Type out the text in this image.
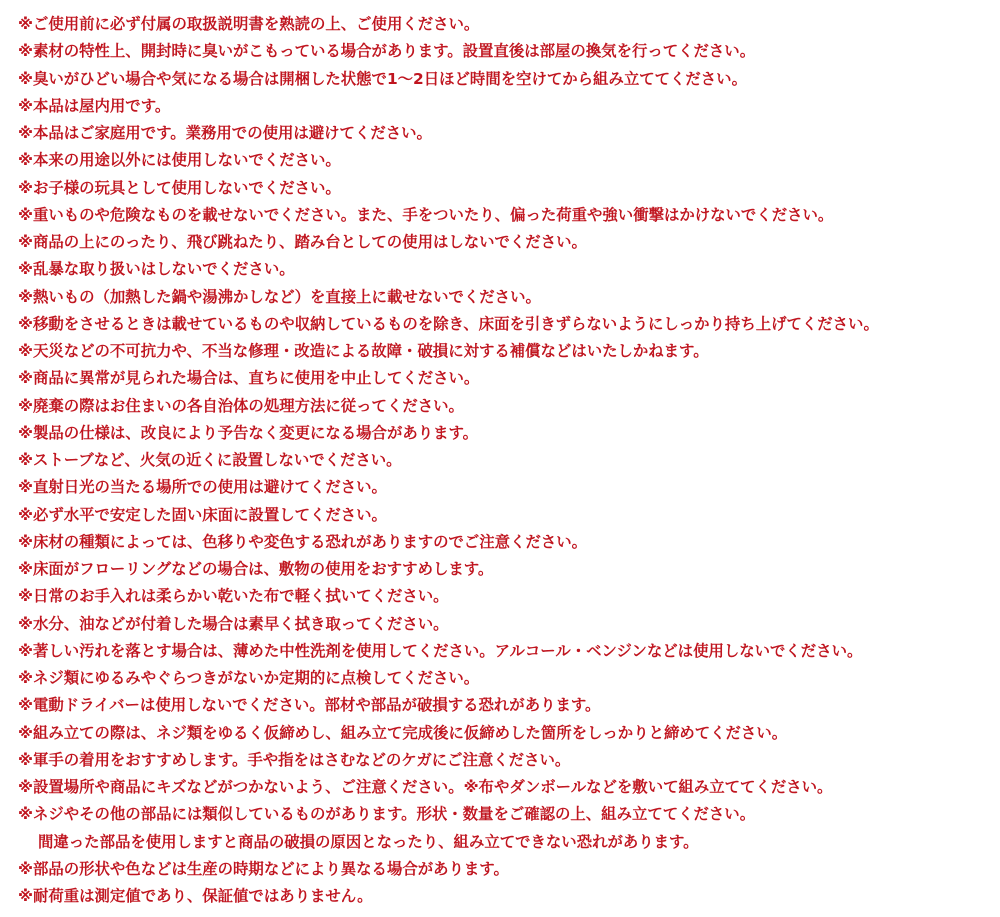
※ご使用前に必ず付属の取扱説明書を熟読の上、ご使用ください。
※素材の特性上、開封時に臭いがこもっている場合があります。設置直後は部屋の換気を行ってください。
※臭いがひどい場合や気になる場合は開梱した状態で1〜2日ほど時間を空けてから組み立ててください。
※本品は屋内用です。
※本品はご家庭用です。業務用での使用は避けてください。
※本来の用途以外には使用しないでください。
※お子様の玩具として使用しないでください。
※重いものや危険なものを載せないでください。また、手をついたり、偏った荷重や強い衝撃はかけないでください。
※商品の上にのったり、飛び跳ねたり、踏み台としての使用はしないでください。
※乱暴な取り扱いはしないでください。
※熱いもの（加熱した鍋や湯沸かしなど）を直接上に載せないでください。
※移動をさせるときは載せているものや収納しているものを除き、床面を引きずらないようにしっかり持ち上げてください。
※天災などの不可抗力や、不当な修理・改造による故障・破損に対する補償などはいたしかねます。
※商品に異常が見られた場合は、直ちに使用を中止してください。
※廃棄の際はお住まいの各自治体の処理方法に従ってください。
※製品の仕様は、改良により予告なく変更になる場合があります。
※ストーブなど、火気の近くに設置しないでください。
※直射日光の当たる場所での使用は避けてください。
※必ず水平で安定した固い床面に設置してください。
※床材の種類によっては、色移りや変色する恐れがありますのでご注意ください。
※床面がフローリングなどの場合は、敷物の使用をおすすめします。
※日常のお手入れは柔らかい乾いた布で軽く拭いてください。
※水分、油などが付着した場合は素早く拭き取ってください。
※著しい汚れを落とす場合は、薄めた中性洗剤を使用してください。アルコール・ベンジンなどは使用しないでください。
※ネジ類にゆるみやぐらつきがないか定期的に点検してください。
※電動ドライバーは使用しないでください。部材や部品が破損する恐れがあります。
※組み立ての際は、ネジ類をゆるく仮締めし、組み立て完成後に仮締めした箇所をしっかりと締めてください。
※軍手の着用をおすすめします。手や指をはさむなどのケガにご注意ください。
※設置場所や商品にキズなどがつかないよう、ご注意ください。※布やダンボールなどを敷いて組み立ててください。
※ネジやその他の部品には類似しているものがあります。形状・数量をご確認の上、組み立ててください。
間違った部品を使用しますと商品の破損の原因となったり、組み立てできない恐れがあります。
※部品の形状や色などは生産の時期などにより異なる場合があります。
※耐荷重は測定値であり、保証値ではありません。
